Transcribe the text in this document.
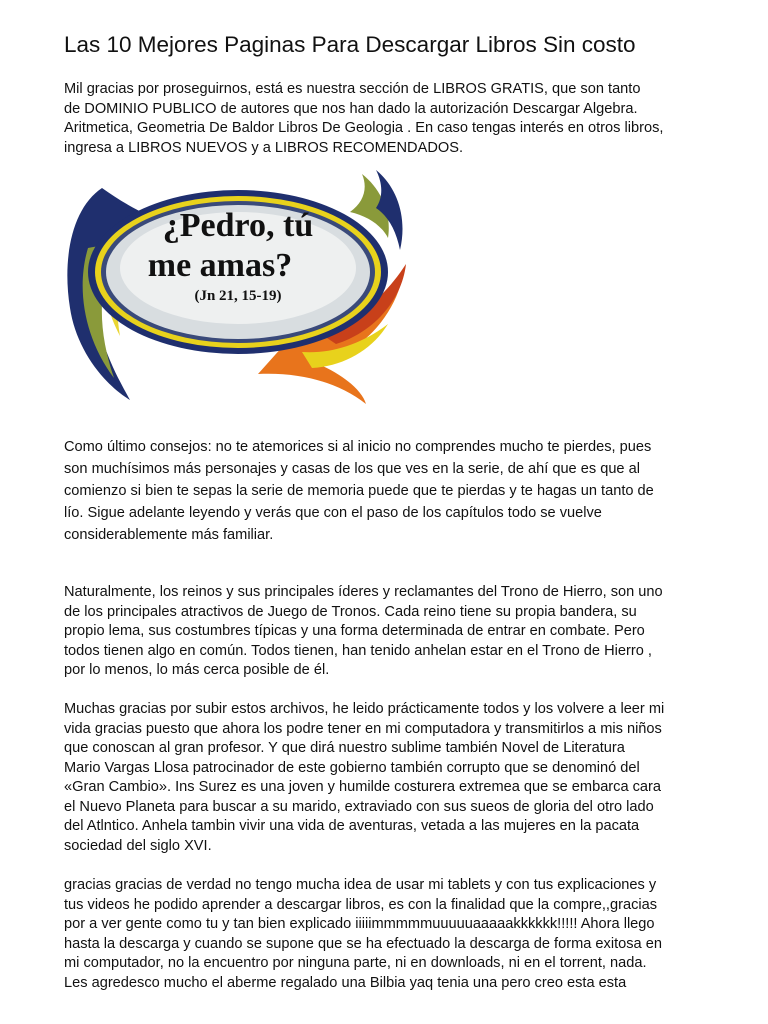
Las 10 Mejores Paginas Para Descargar Libros Sin costo

Mil gracias por proseguirnos, está es nuestra sección de LIBROS GRATIS, que son tanto
de DOMINIO PUBLICO de autores que nos han dado la autorización Descargar Algebra.
Aritmetica, Geometria De Baldor Libros De Geologia . En caso tengas interés en otros libros,
ingresa a LIBROS NUEVOS y a LIBROS RECOMENDADOS.

¿Pedro, tú
me amas?
(Jn 21, 15-19)

Como último consejos: no te atemorices si al inicio no comprendes mucho te pierdes, pues
son muchísimos más personajes y casas de los que ves en la serie, de ahí que es que al
comienzo si bien te sepas la serie de memoria puede que te pierdas y te hagas un tanto de
lío. Sigue adelante leyendo y verás que con el paso de los capítulos todo se vuelve
considerablemente más familiar.

Naturalmente, los reinos y sus principales íderes y reclamantes del Trono de Hierro, son uno
de los principales atractivos de Juego de Tronos. Cada reino tiene su propia bandera, su
propio lema, sus costumbres típicas y una forma determinada de entrar en combate. Pero
todos tienen algo en común. Todos tienen, han tenido anhelan estar en el Trono de Hierro ,
por lo menos, lo más cerca posible de él.

Muchas gracias por subir estos archivos, he leido prácticamente todos y los volvere a leer mi
vida gracias puesto que ahora los podre tener en mi computadora y transmitirlos a mis niños
que conoscan al gran profesor. Y que dirá nuestro sublime también Novel de Literatura
Mario Vargas Llosa patrocinador de este gobierno también corrupto que se denominó del
«Gran Cambio». Ins Surez es una joven y humilde costurera extremea que se embarca cara
el Nuevo Planeta para buscar a su marido, extraviado con sus sueos de gloria del otro lado
del Atlntico. Anhela tambin vivir una vida de aventuras, vetada a las mujeres en la pacata
sociedad del siglo XVI.

gracias gracias de verdad no tengo mucha idea de usar mi tablets y con tus explicaciones y
tus videos he podido aprender a descargar libros, es con la finalidad que la compre,,gracias
por a ver gente como tu y tan bien explicado iiiiimmmmmuuuuuaaaaakkkkkk!!!!! Ahora llego
hasta la descarga y cuando se supone que se ha efectuado la descarga de forma exitosa en
mi computador, no la encuentro por ninguna parte, ni en downloads, ni en el torrent, nada.
Les agredesco mucho el aberme regalado una Bilbia yaq tenia una pero creo esta esta
